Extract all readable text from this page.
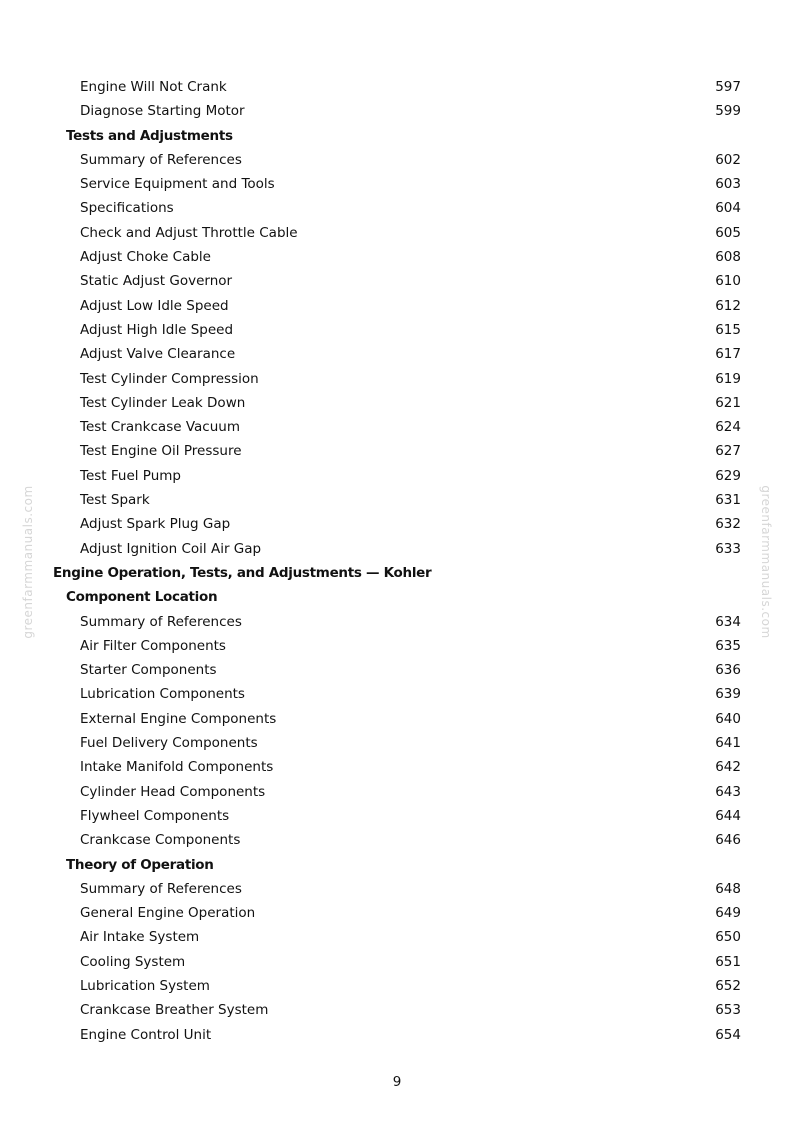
greenfarmmanuals.com	greenfarmmanuals.com
Engine Will Not Crank	597
Diagnose Starting Motor	599
Tests and Adjustments
Summary of References	602
Service Equipment and Tools	603
Specifications	604
Check and Adjust Throttle Cable	605
Adjust Choke Cable	608
Static Adjust Governor	610
Adjust Low Idle Speed	612
Adjust High Idle Speed	615
Adjust Valve Clearance	617
Test Cylinder Compression	619
Test Cylinder Leak Down	621
Test Crankcase Vacuum	624
Test Engine Oil Pressure	627
Test Fuel Pump	629
Test Spark	631
Adjust Spark Plug Gap	632
Adjust Ignition Coil Air Gap	633
Engine Operation, Tests, and Adjustments — Kohler
Component Location
Summary of References	634
Air Filter Components	635
Starter Components	636
Lubrication Components	639
External Engine Components	640
Fuel Delivery Components	641
Intake Manifold Components	642
Cylinder Head Components	643
Flywheel Components	644
Crankcase Components	646
Theory of Operation
Summary of References	648
General Engine Operation	649
Air Intake System	650
Cooling System	651
Lubrication System	652
Crankcase Breather System	653
Engine Control Unit	654
9
